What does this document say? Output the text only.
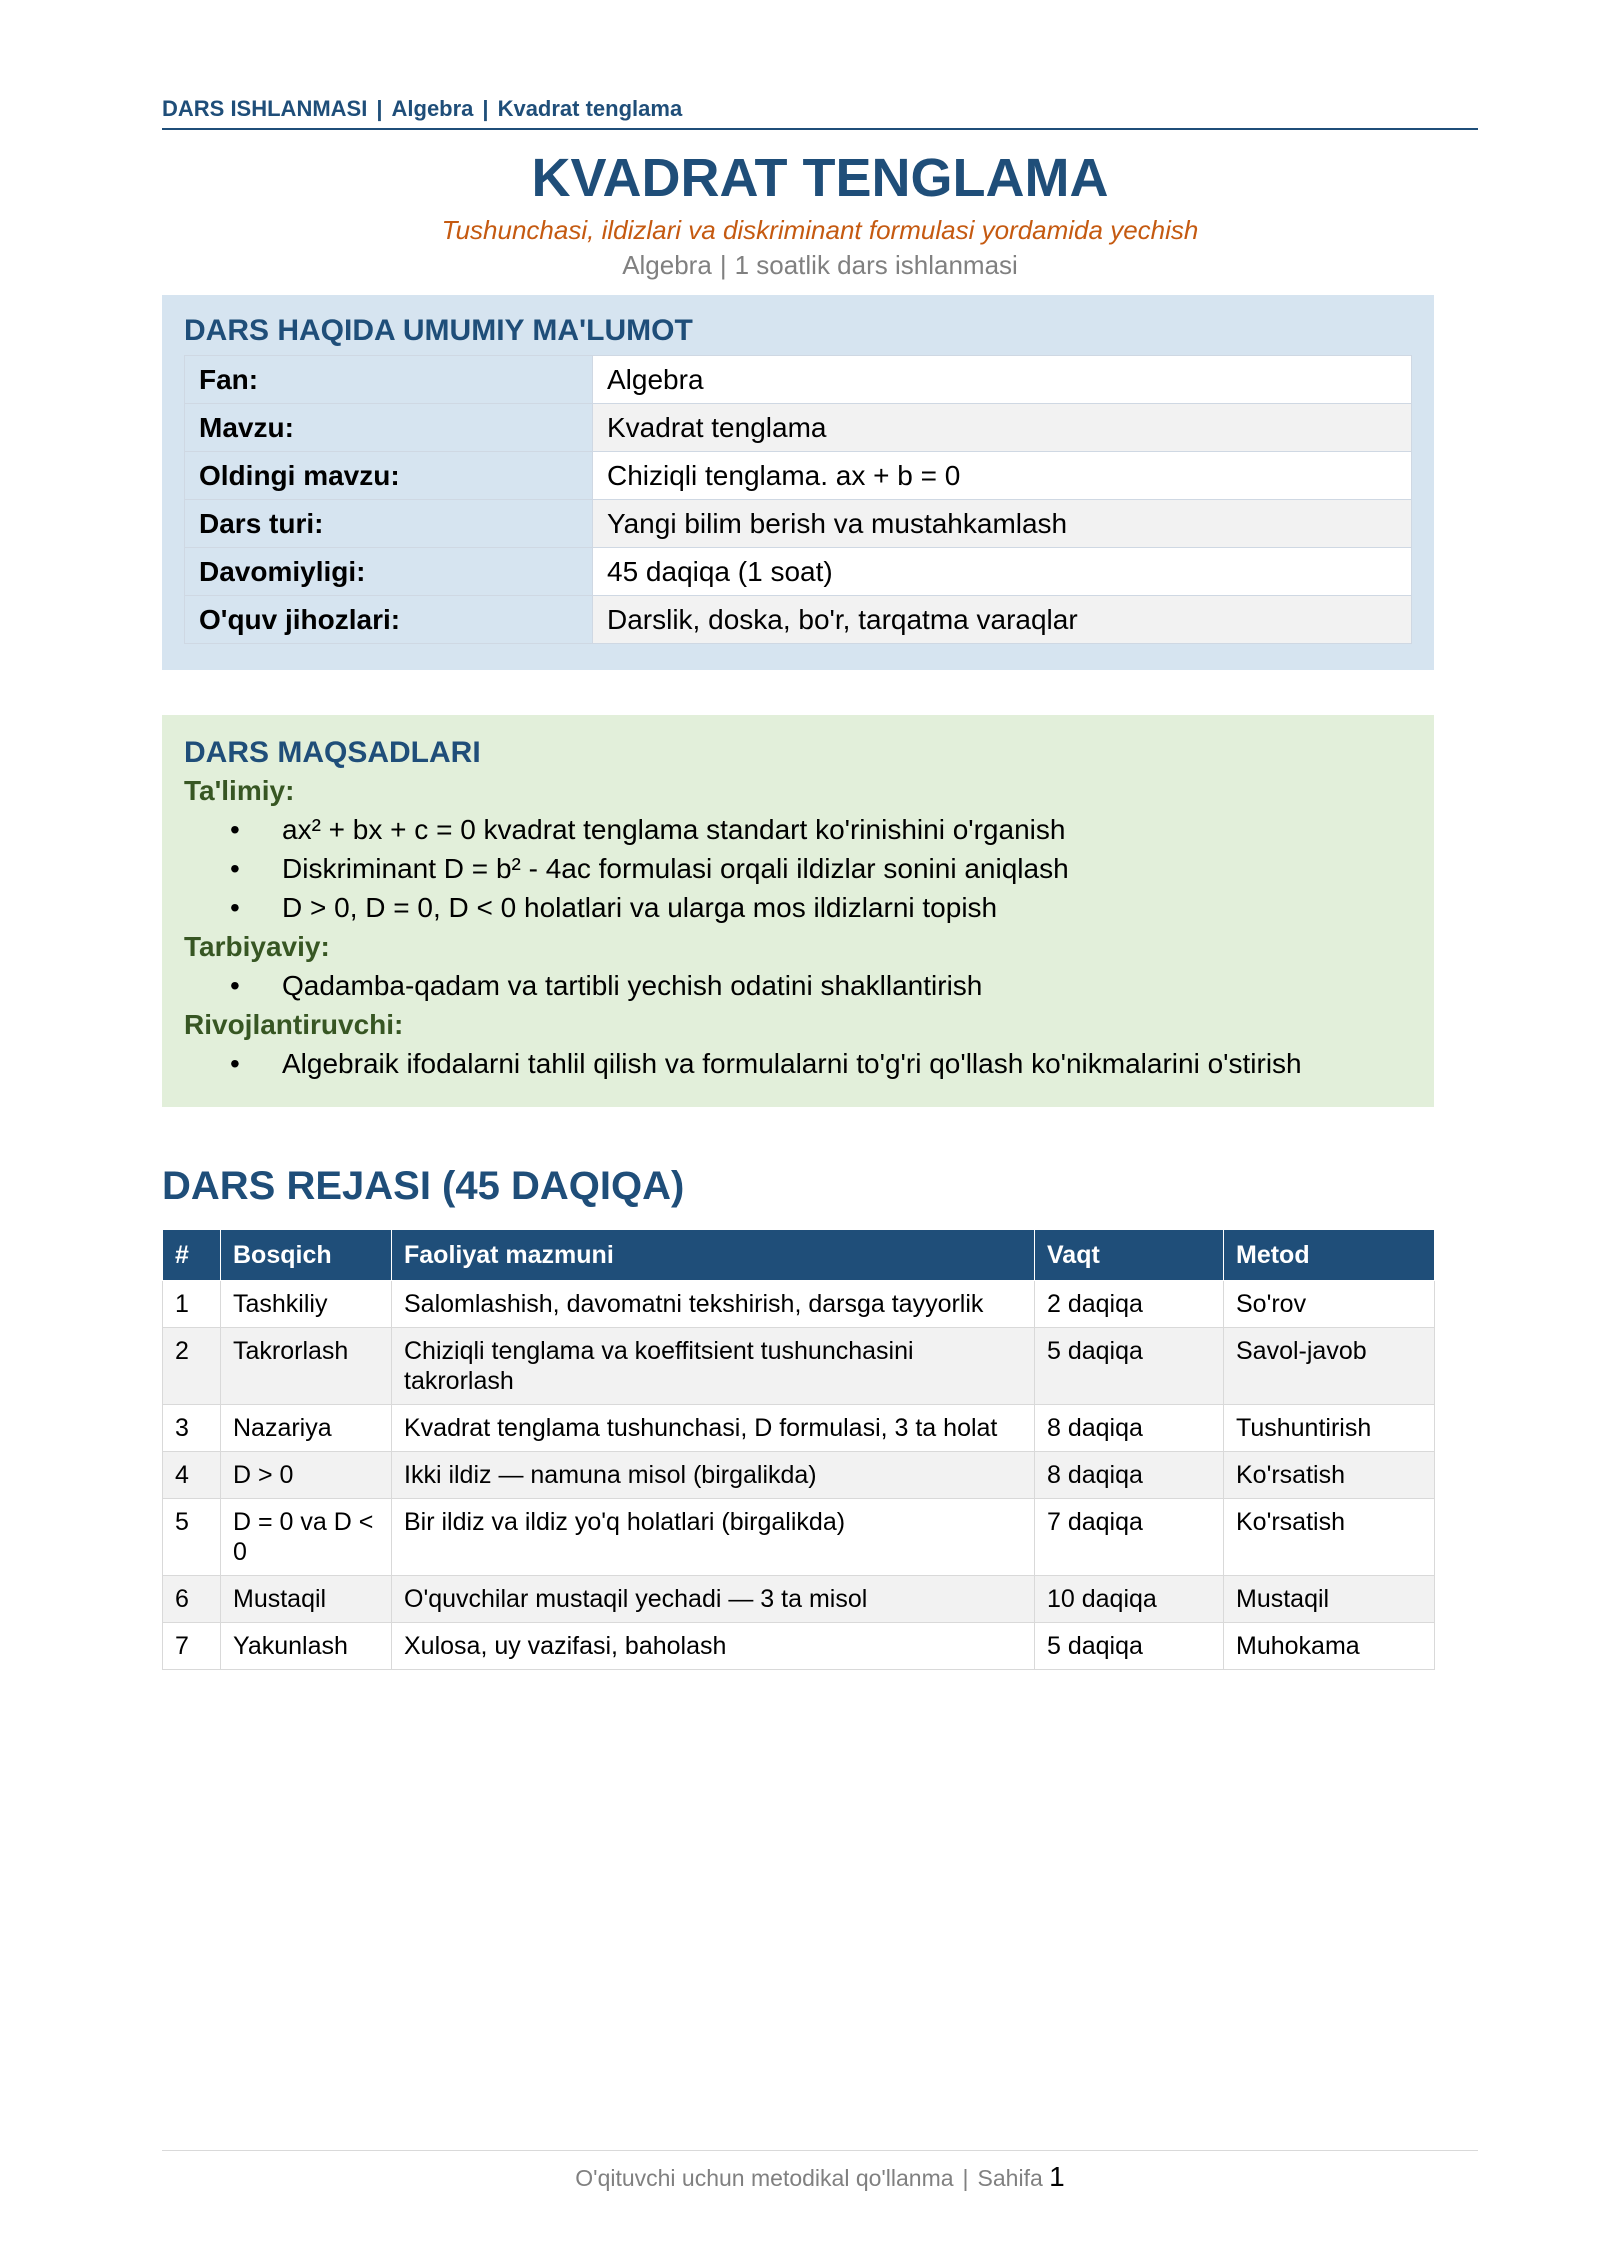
DARS ISHLANMASI | Algebra | Kvadrat tenglama
KVADRAT TENGLAMA
Tushunchasi, ildizlari va diskriminant formulasi yordamida yechish
Algebra | 1 soatlik dars ishlanmasi
DARS HAQIDA UMUMIY MA'LUMOT
Fan:	Algebra
Mavzu:	Kvadrat tenglama
Oldingi mavzu:	Chiziqli tenglama. ax + b = 0
Dars turi:	Yangi bilim berish va mustahkamlash
Davomiyligi:	45 daqiqa (1 soat)
O'quv jihozlari:	Darslik, doska, bo'r, tarqatma varaqlar
DARS MAQSADLARI
Ta'limiy:
• ax² + bx + c = 0 kvadrat tenglama standart ko'rinishini o'rganish
• Diskriminant D = b² - 4ac formulasi orqali ildizlar sonini aniqlash
• D > 0, D = 0, D < 0 holatlari va ularga mos ildizlarni topish
Tarbiyaviy:
• Qadamba-qadam va tartibli yechish odatini shakllantirish
Rivojlantiruvchi:
• Algebraik ifodalarni tahlil qilish va formulalarni to'g'ri qo'llash ko'nikmalarini o'stirish
DARS REJASI (45 DAQIQA)
#	Bosqich	Faoliyat mazmuni	Vaqt	Metod
1	Tashkiliy	Salomlashish, davomatni tekshirish, darsga tayyorlik	2 daqiqa	So'rov
2	Takrorlash	Chiziqli tenglama va koeffitsient tushunchasini takrorlash	5 daqiqa	Savol-javob
3	Nazariya	Kvadrat tenglama tushunchasi, D formulasi, 3 ta holat	8 daqiqa	Tushuntirish
4	D > 0	Ikki ildiz — namuna misol (birgalikda)	8 daqiqa	Ko'rsatish
5	D = 0 va D < 0	Bir ildiz va ildiz yo'q holatlari (birgalikda)	7 daqiqa	Ko'rsatish
6	Mustaqil	O'quvchilar mustaqil yechadi — 3 ta misol	10 daqiqa	Mustaqil
7	Yakunlash	Xulosa, uy vazifasi, baholash	5 daqiqa	Muhokama
O'qituvchi uchun metodikal qo'llanma | Sahifa 1
